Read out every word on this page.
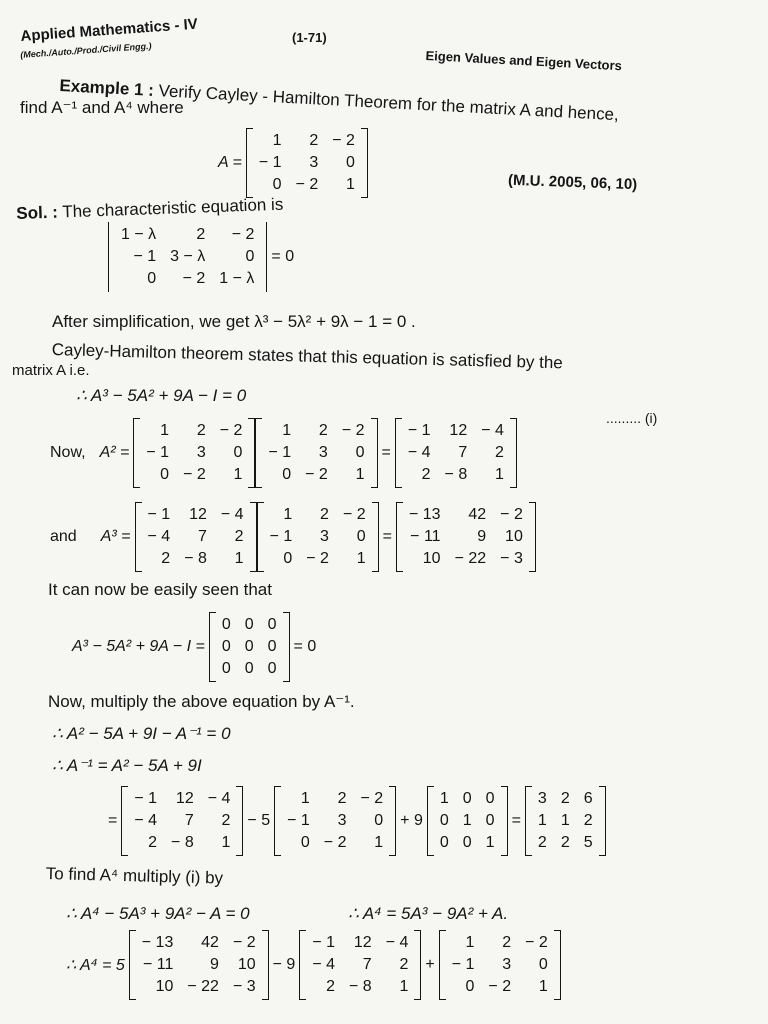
Applied Mathematics - IV
(Mech./Auto./Prod./Civil Engg.)
(1-71)
Eigen Values and Eigen Vectors
Example 1 : Verify Cayley - Hamilton Theorem for the matrix A and hence,
find A⁻¹ and A⁴ where
A =
1	2	− 2
− 1	3	0
0	− 2	1	(M.U. 2005, 06, 10)
Sol. : The characteristic equation is
1 − λ	2	− 2
− 1	3 − λ	0
0	− 2	1 − λ
= 0
After simplification, we get λ³ − 5λ² + 9λ − 1 = 0 .
Cayley-Hamilton theorem states that this equation is satisfied by the
matrix A i.e.
∴ A³ − 5A² + 9A − I = 0
......... (i)
Now, A² =
1	2	− 2
− 1	3	0
0	− 2	1
1	2	− 2
− 1	3	0
0	− 2	1
=
− 1	12	− 4
− 4	7	2
2	− 8	1
and A³ =
− 1	12	− 4
− 4	7	2
2	− 8	1
1	2	− 2
− 1	3	0
0	− 2	1
=
− 13	42	− 2
− 11	9	10
10	− 22	− 3
It can now be easily seen that
A³ − 5A² + 9A − I =
0	0	0
0	0	0
0	0	0
= 0
Now, multiply the above equation by A⁻¹.
∴ A² − 5A + 9I − A⁻¹ = 0
∴ A⁻¹ = A² − 5A + 9I
=
− 1	12	− 4
− 4	7	2
2	− 8	1
− 5
1	2	− 2
− 1	3	0
0	− 2	1
+ 9
1	0	0
0	1	0
0	0	1
=
3	2	6
1	1	2
2	2	5
To find A⁴ multiply (i) by
∴ A⁴ − 5A³ + 9A² − A = 0	∴ A⁴ = 5A³ − 9A² + A.
∴ A⁴ = 5
− 13	42	− 2
− 11	9	10
10	− 22	− 3
− 9
− 1	12	− 4
− 4	7	2
2	− 8	1
+
1	2	− 2
− 1	3	0
0	− 2	1
